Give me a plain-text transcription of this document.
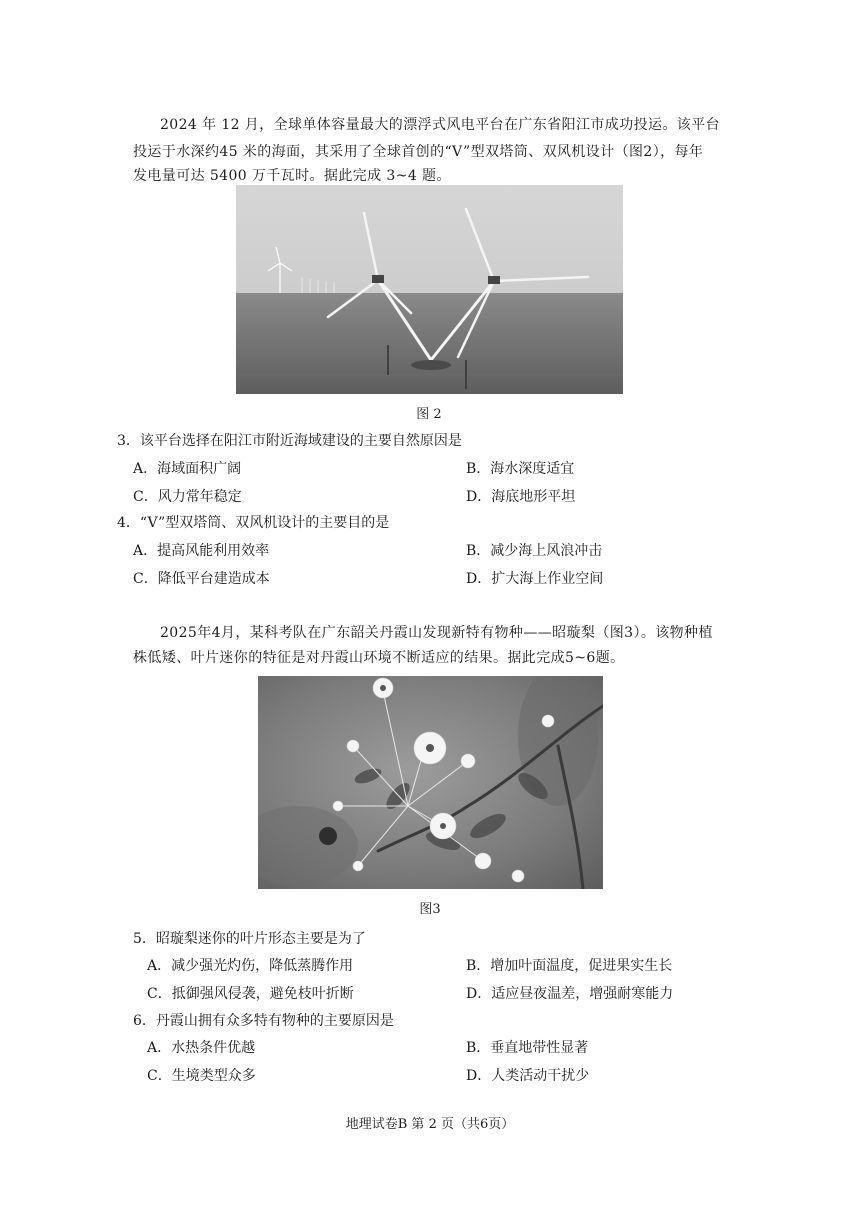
2024 年 12 月，全球单体容量最大的漂浮式风电平台在广东省阳江市成功投运。该平台
投运于水深约45 米的海面，其采用了全球首创的“V”型双塔筒、双风机设计（图2），每年
发电量可达 5400 万千瓦时。据此完成 3~4 题。
图 2
3．该平台选择在阳江市附近海域建设的主要自然原因是
A．海域面积广阔	B．海水深度适宜
C．风力常年稳定	D．海底地形平坦
4．“V”型双塔筒、双风机设计的主要目的是
A．提高风能利用效率	B．减少海上风浪冲击
C．降低平台建造成本	D．扩大海上作业空间
2025年4月，某科考队在广东韶关丹霞山发现新特有物种——昭璇梨（图3）。该物种植
株低矮、叶片迷你的特征是对丹霞山环境不断适应的结果。据此完成5~6题。
图3
5．昭璇梨迷你的叶片形态主要是为了
A．减少强光灼伤，降低蒸腾作用	B．增加叶面温度，促进果实生长
C．抵御强风侵袭，避免枝叶折断	D．适应昼夜温差，增强耐寒能力
6．丹霞山拥有众多特有物种的主要原因是
A．水热条件优越	B．垂直地带性显著
C．生境类型众多	D．人类活动干扰少
地理试卷B 第 2 页（共6页）
